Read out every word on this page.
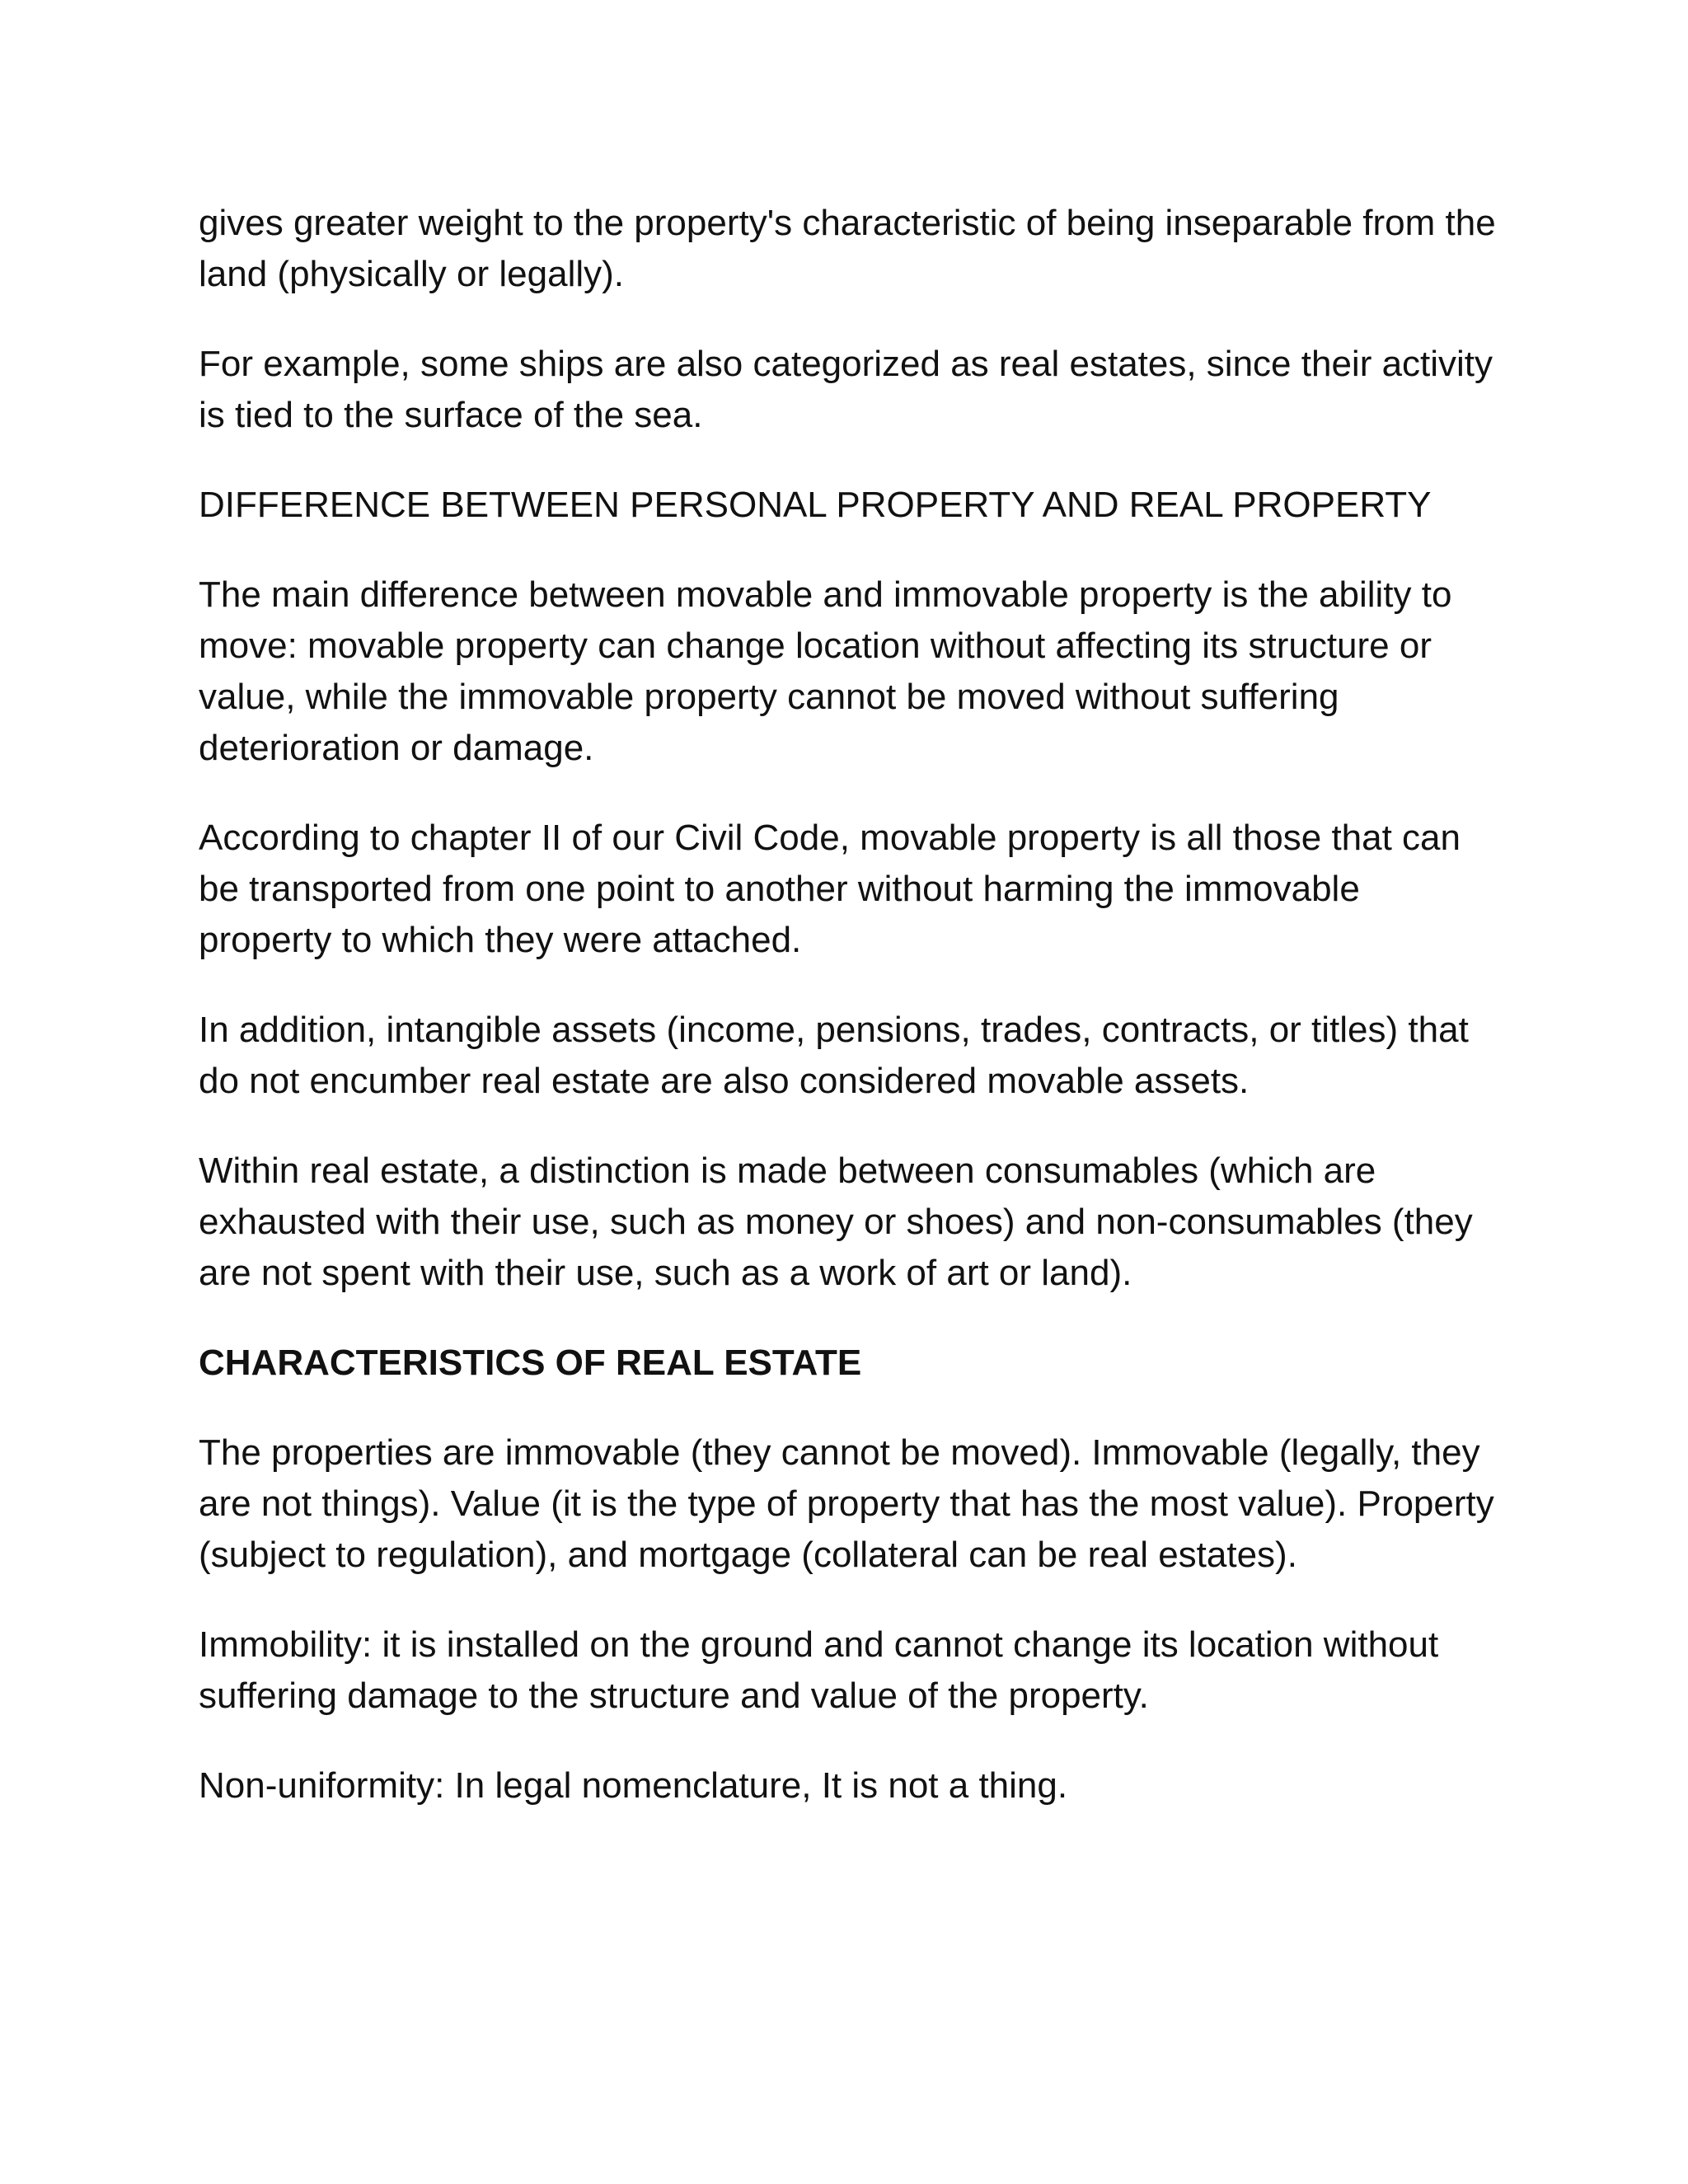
gives greater weight to the property's characteristic of being inseparable from the land (physically or legally).

For example, some ships are also categorized as real estates, since their activity is tied to the surface of the sea.

DIFFERENCE BETWEEN PERSONAL PROPERTY AND REAL PROPERTY

The main difference between movable and immovable property is the ability to move: movable property can change location without affecting its structure or value, while the immovable property cannot be moved without suffering deterioration or damage.

According to chapter II of our Civil Code, movable property is all those that can be transported from one point to another without harming the immovable property to which they were attached.

In addition, intangible assets (income, pensions, trades, contracts, or titles) that do not encumber real estate are also considered movable assets.

Within real estate, a distinction is made between consumables (which are exhausted with their use, such as money or shoes) and non-consumables (they are not spent with their use, such as a work of art or land).

CHARACTERISTICS OF REAL ESTATE

The properties are immovable (they cannot be moved). Immovable (legally, they are not things). Value (it is the type of property that has the most value). Property (subject to regulation), and mortgage (collateral can be real estates).

Immobility: it is installed on the ground and cannot change its location without suffering damage to the structure and value of the property.

Non-uniformity: In legal nomenclature, It is not a thing.
